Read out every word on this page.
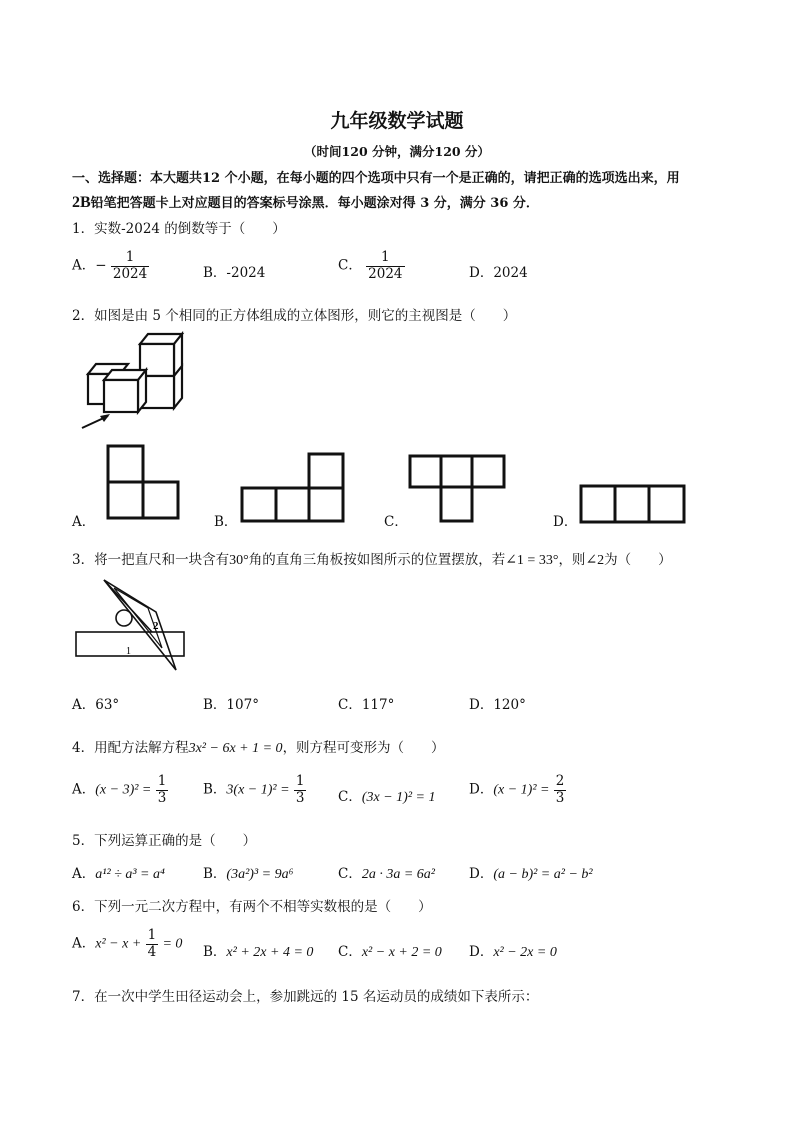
九年级数学试题
（时间120 分钟，满分120 分）
一、选择题：本大题共12 个小题，在每小题的四个选项中只有一个是正确的，请把正确的选项选出来，用
2B铅笔把答题卡上对应题目的答案标号涂黑．每小题涂对得 3 分，满分 36 分．
1．实数-2024 的倒数等于（　　）
A．− $\frac{1}{2024}$	B．-2024	C． $\frac{1}{2024}$	D．2024
2．如图是由 5 个相同的正方体组成的立体图形，则它的主视图是（　　）
A．	B．	C．	D．
3．将一把直尺和一块含有30°角的直角三角板按如图所示的位置摆放，若∠1 = 33°，则∠2为（　　）
2
1
A．63°	B．107°	C．117°	D．120°
4．用配方法解方程3x² − 6x + 1 = 0，则方程可变形为（　　）
A．$(x - 3)^2 = \frac{1}{3}$	B．$3(x - 1)^2 = \frac{1}{3}$ C．(3x − 1)² = 1 D．$(x - 1)^2 = \frac{2}{3}$
5．下列运算正确的是（　　）
A．a¹² ÷ a³ = a⁴	B．(3a²)³ = 9a⁶	C．2a · 3a = 6a²	D．(a − b)² = a² − b²
6．下列一元二次方程中，有两个不相等实数根的是（　　）
A．$x^2 - x + \frac{1}{4} = 0$ B．x² + 2x + 4 = 0 C．x² − x + 2 = 0 D．x² − 2x = 0
7．在一次中学生田径运动会上，参加跳远的 15 名运动员的成绩如下表所示：
